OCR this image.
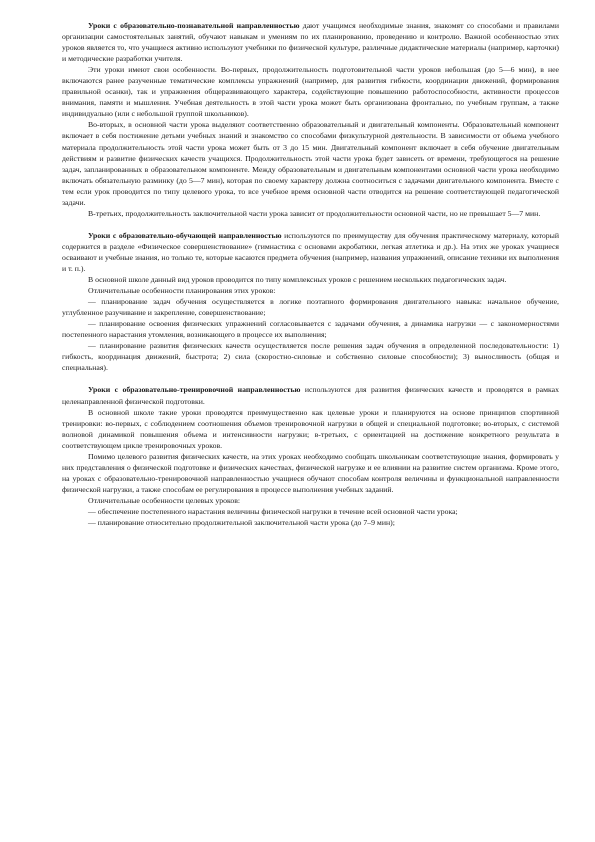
Уроки с образовательно-познавательной направленностью дают учащимся необходимые знания, знакомят со способами и правилами организации самостоятельных занятий, обучают навыкам и умениям по их планированию, проведению и контролю. Важной особенностью этих уроков является то, что учащиеся активно используют учебники по физической культуре, различные дидактические материалы (например, карточки) и методические разработки учителя.

Эти уроки имеют свои особенности. Во-первых, продолжительность подготовительной части уроков небольшая (до 5—6 мин), в нее включаются ранее разученные тематические комплексы упражнений (например, для развития гибкости, координации движений, формирования правильной осанки), так и упражнения общеразвивающего характера, содействующие повышению работоспособности, активности процессов внимания, памяти и мышления. Учебная деятельность в этой части урока может быть организована фронтально, по учебным группам, а также индивидуально (или с небольшой группой школьников).

Во-вторых, в основной части урока выделяют соответственно образовательный и двигательный компоненты. Образовательный компонент включает в себя постижение детьми учебных знаний и знакомство со способами физкультурной деятельности. В зависимости от объема учебного материала продолжительность этой части урока может быть от 3 до 15 мин. Двигательный компонент включает в себя обучение двигательным действиям и развитие физических качеств учащихся. Продолжительность этой части урока будет зависеть от времени, требующегося на решение задач, запланированных в образовательном компоненте. Между образовательным и двигательным компонентами основной части урока необходимо включать обязательную разминку (до 5—7 мин), которая по своему характеру должна соотноситься с задачами двигательного компонента. Вместе с тем если урок проводится по типу целевого урока, то все учебное время основной части отводится на решение соответствующей педагогической задачи.

В-третьих, продолжительность заключительной части урока зависит от продолжительности основной части, но не превышает 5—7 мин.

Уроки с образовательно-обучающей направленностью используются по преимуществу для обучения практическому материалу, который содержится в разделе «Физическое совершенствование» (гимнастика с основами акробатики, легкая атлетика и др.). На этих же уроках учащиеся осваивают и учебные знания, но только те, которые касаются предмета обучения (например, названия упражнений, описание техники их выполнения и т. п.).

В основной школе данный вид уроков проводится по типу комплексных уроков с решением нескольких педагогических задач.

Отличительные особенности планирования этих уроков:

— планирование задач обучения осуществляется в логике поэтапного формирования двигательного навыка: начальное обучение, углубленное разучивание и закрепление, совершенствование;

— планирование освоения физических упражнений согласовывается с задачами обучения, а динамика нагрузки — с закономерностями постепенного нарастания утомления, возникающего в процессе их выполнения;

— планирование развития физических качеств осуществляется после решения задач обучения в определенной последовательности: 1) гибкость, координация движений, быстрота; 2) сила (скоростно-силовые и собственно силовые способности); 3) выносливость (общая и специальная).

Уроки с образовательно-тренировочной направленностью используются для развития физических качеств и проводятся в рамках целенаправленной физической подготовки.

В основной школе такие уроки проводятся преимущественно как целевые уроки и планируются на основе принципов спортивной тренировки: во-первых, с соблюдением соотношения объемов тренировочной нагрузки в общей и специальной подготовке; во-вторых, с системой волновой динамикой повышения объема и интенсивности нагрузки; в-третьих, с ориентацией на достижение конкретного результата в соответствующем цикле тренировочных уроков.

Помимо целевого развития физических качеств, на этих уроках необходимо сообщать школьникам соответствующие знания, формировать у них представления о физической подготовке и физических качествах, физической нагрузке и ее влиянии на развитие систем организма. Кроме этого, на уроках с образовательно-тренировочной направленностью учащиеся обучают способам контроля величины и функциональной направленности физической нагрузки, а также способам ее регулирования в процессе выполнения учебных заданий.

Отличительные особенности целевых уроков:

— обеспечение постепенного нарастания величины физической нагрузки в течение всей основной части урока;

— планирование относительно продолжительной заключительной части урока (до 7–9 мин);
